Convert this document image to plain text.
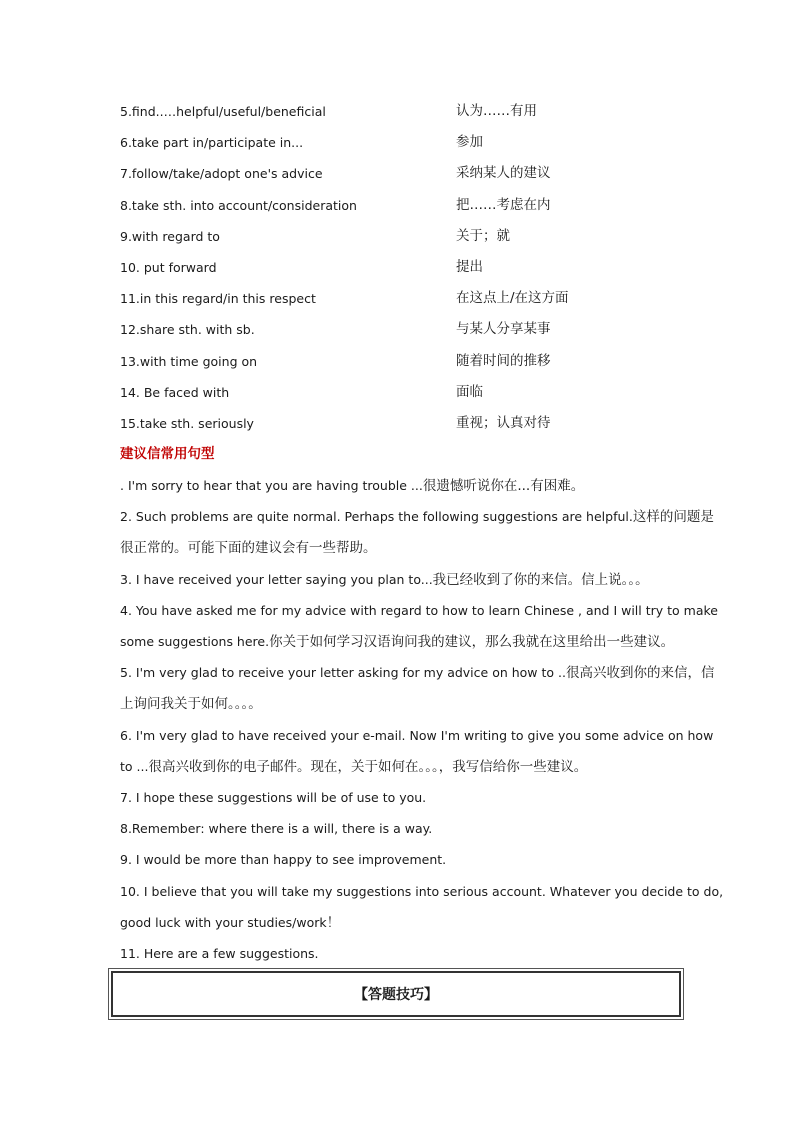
5.find..…helpful/useful/beneficial	认为……有用
6.take part in/participate in...	参加
7.follow/take/adopt one's advice	采纳某人的建议
8.take sth. into account/consideration	把……考虑在内
9.with regard to	关于；就
10. put forward	提出
11.in this regard/in this respect	在这点上/在这方面
12.share sth. with sb.	与某人分享某事
13.with time going on	随着时间的推移
14. Be faced with	面临
15.take sth. seriously	重视；认真对待
建议信常用句型
. I'm sorry to hear that you are having trouble ...很遗憾听说你在...有困难。
2. Such problems are quite normal. Perhaps the following suggestions are helpful.这样的问题是
很正常的。可能下面的建议会有一些帮助。
3. I have received your letter saying you plan to...我已经收到了你的来信。信上说。。。
4. You have asked me for my advice with regard to how to learn Chinese , and I will try to make
some suggestions here.你关于如何学习汉语询问我的建议，那么我就在这里给出一些建议。
5. I'm very glad to receive your letter asking for my advice on how to ..很高兴收到你的来信，信
上询问我关于如何。。。。
6. I'm very glad to have received your e-mail. Now I'm writing to give you some advice on how
to ...很高兴收到你的电子邮件。现在，关于如何在。。。，我写信给你一些建议。
7. I hope these suggestions will be of use to you.
8.Remember: where there is a will, there is a way.
9. I would be more than happy to see improvement.
10. I believe that you will take my suggestions into serious account. Whatever you decide to do,
good luck with your studies/work！
11. Here are a few suggestions.
【答题技巧】
